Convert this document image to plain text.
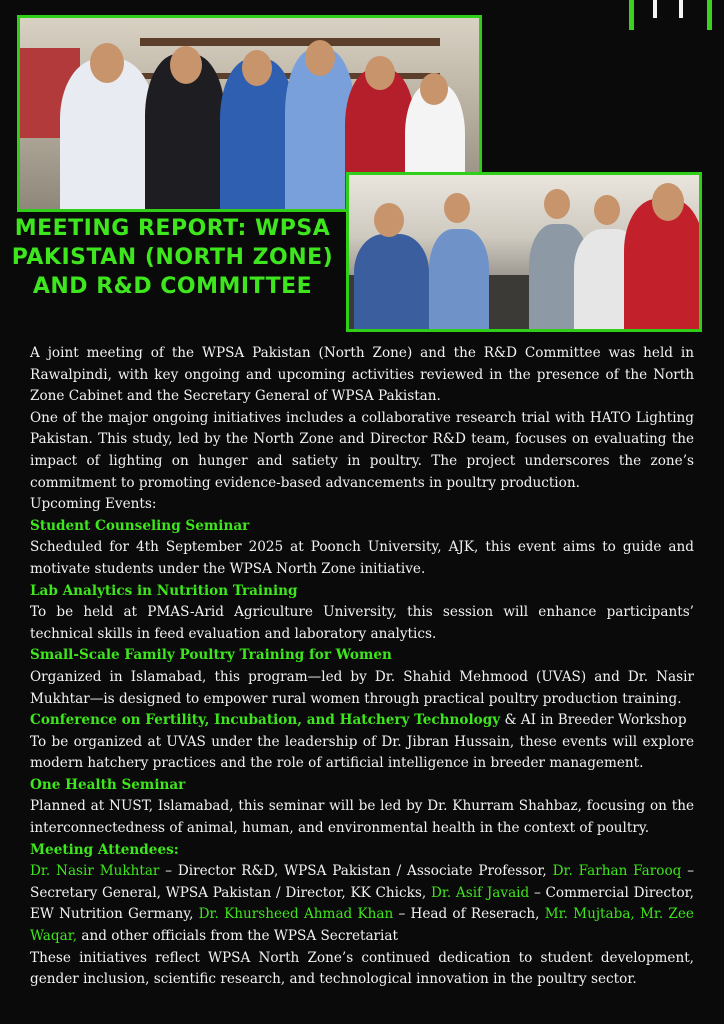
MEETING REPORT: WPSA PAKISTAN (NORTH ZONE) AND R&D COMMITTEE

A joint meeting of the WPSA Pakistan (North Zone) and the R&D Committee was held in Rawalpindi, with key ongoing and upcoming activities reviewed in the presence of the North Zone Cabinet and the Secretary General of WPSA Pakistan.

One of the major ongoing initiatives includes a collaborative research trial with HATO Lighting Pakistan. This study, led by the North Zone and Director R&D team, focuses on evaluating the impact of lighting on hunger and satiety in poultry. The project underscores the zone’s commitment to promoting evidence-based advancements in poultry production.

Upcoming Events:

Student Counseling Seminar

Scheduled for 4th September 2025 at Poonch University, AJK, this event aims to guide and motivate students under the WPSA North Zone initiative.

Lab Analytics in Nutrition Training

To be held at PMAS-Arid Agriculture University, this session will enhance participants’ technical skills in feed evaluation and laboratory analytics.

Small-Scale Family Poultry Training for Women

Organized in Islamabad, this program—led by Dr. Shahid Mehmood (UVAS) and Dr. Nasir Mukhtar—is designed to empower rural women through practical poultry production training.

Conference on Fertility, Incubation, and Hatchery Technology & AI in Breeder Workshop

To be organized at UVAS under the leadership of Dr. Jibran Hussain, these events will explore modern hatchery practices and the role of artificial intelligence in breeder management.

One Health Seminar

Planned at NUST, Islamabad, this seminar will be led by Dr. Khurram Shahbaz, focusing on the interconnectedness of animal, human, and environmental health in the context of poultry.

Meeting Attendees:

Dr. Nasir Mukhtar – Director R&D, WPSA Pakistan / Associate Professor, Dr. Farhan Farooq – Secretary General, WPSA Pakistan / Director, KK Chicks, Dr. Asif Javaid – Commercial Director, EW Nutrition Germany, Dr. Khursheed Ahmad Khan – Head of Reserach, Mr. Mujtaba, Mr. Zee Waqar, and other officials from the WPSA Secretariat

These initiatives reflect WPSA North Zone’s continued dedication to student development, gender inclusion, scientific research, and technological innovation in the poultry sector.
